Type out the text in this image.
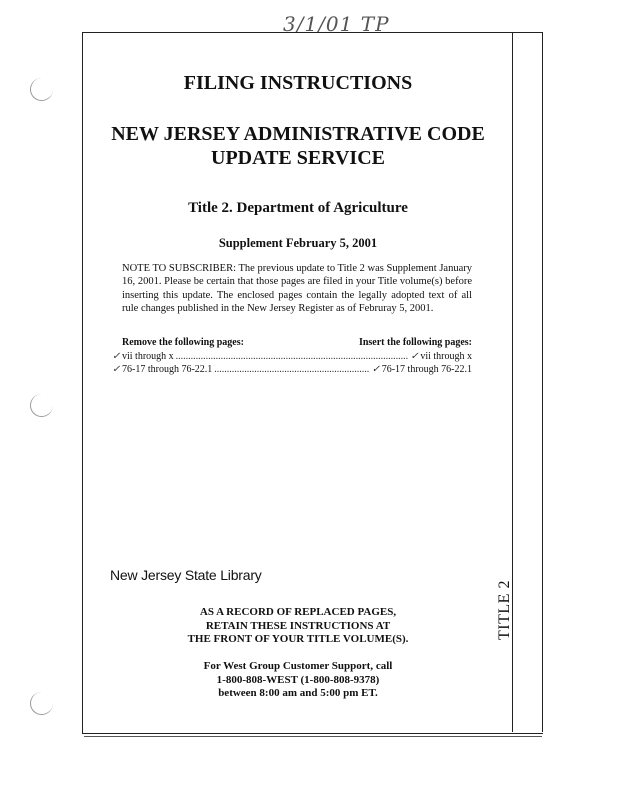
3/1/01 TP
FILING INSTRUCTIONS
NEW JERSEY ADMINISTRATIVE CODE
UPDATE SERVICE
Title 2. Department of Agriculture
Supplement February 5, 2001
NOTE TO SUBSCRIBER: The previous update to Title 2 was Supplement January 16, 2001. Please be certain that those pages are filed in your Title volume(s) before inserting this update. The enclosed pages contain the legally adopted text of all rule changes published in the New Jersey Register as of Februray 5, 2001.
Remove the following pages:	Insert the following pages:
✓ vii through x .....	✓ vii through x
✓ 76-17 through 76-22.1 .....	✓ 76-17 through 76-22.1
New Jersey State Library
AS A RECORD OF REPLACED PAGES,
RETAIN THESE INSTRUCTIONS AT
THE FRONT OF YOUR TITLE VOLUME(S).
For West Group Customer Support, call
1-800-808-WEST (1-800-808-9378)
between 8:00 am and 5:00 pm ET.
TITLE 2
